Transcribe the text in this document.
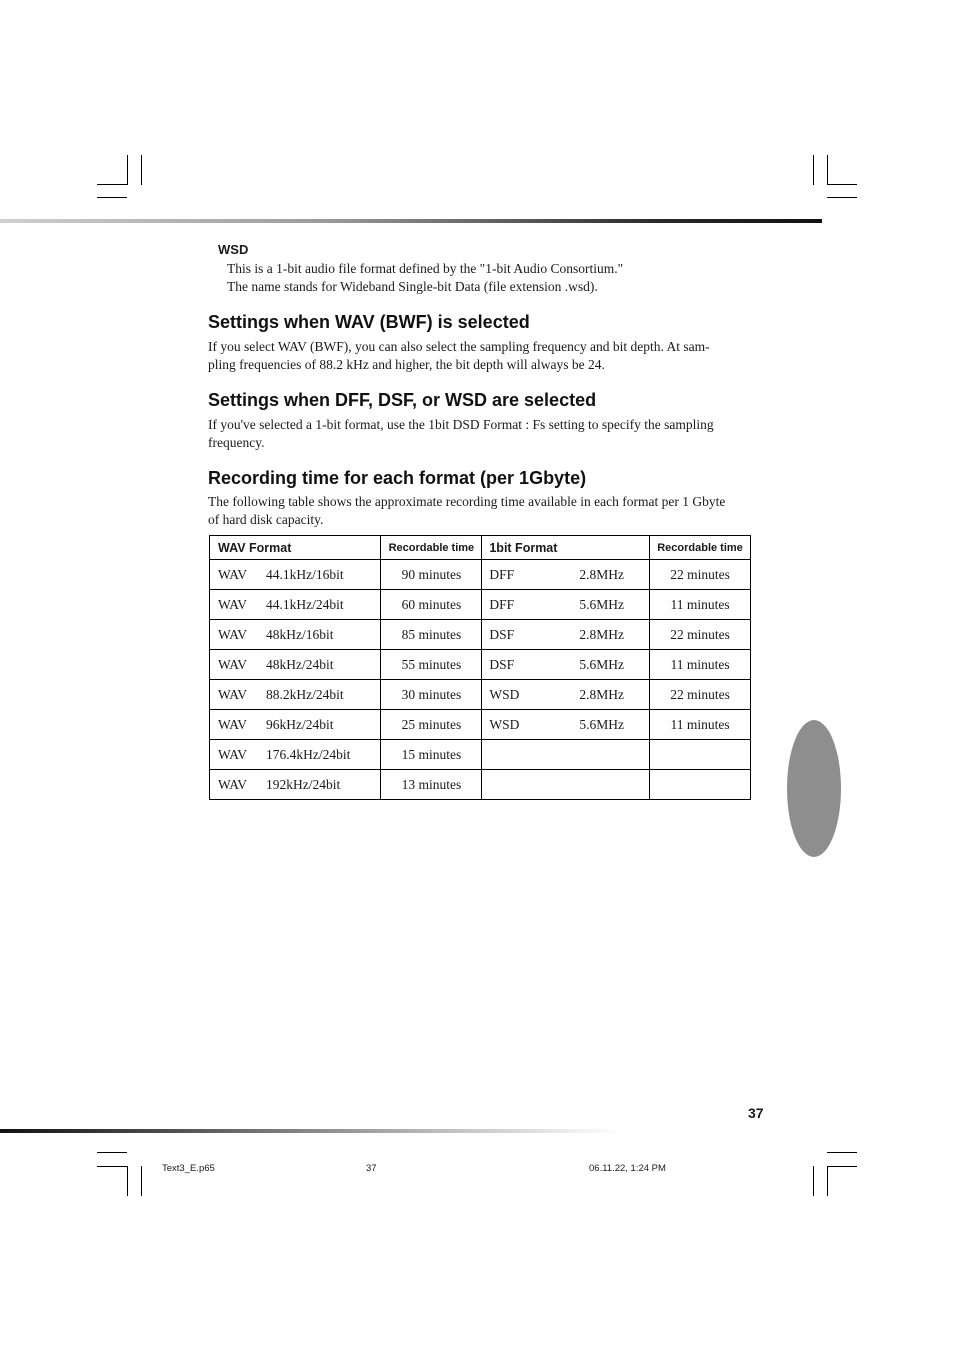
WSD
This is a 1-bit audio file format defined by the "1-bit Audio Consortium."
The name stands for Wideband Single-bit Data (file extension .wsd).
Settings when WAV (BWF) is selected
If you select WAV (BWF), you can also select the sampling frequency and bit depth. At sam-
pling frequencies of 88.2 kHz and higher, the bit depth will always be 24.
Settings when DFF, DSF, or WSD are selected
If you've selected a 1-bit format, use the 1bit DSD Format : Fs setting to specify the sampling
frequency.
Recording time for each format (per 1Gbyte)
The following table shows the approximate recording time available in each format per 1 Gbyte
of hard disk capacity.
WAV Format	Recordable time	1bit Format	Recordable time
WAV 44.1kHz/16bit	90 minutes	DFF 2.8MHz	22 minutes
WAV 44.1kHz/24bit	60 minutes	DFF 5.6MHz	11 minutes
WAV 48kHz/16bit	85 minutes	DSF 2.8MHz	22 minutes
WAV 48kHz/24bit	55 minutes	DSF 5.6MHz	11 minutes
WAV 88.2kHz/24bit	30 minutes	WSD 2.8MHz	22 minutes
WAV 96kHz/24bit	25 minutes	WSD 5.6MHz	11 minutes
WAV 176.4kHz/24bit	15 minutes		
WAV 192kHz/24bit	13 minutes		
37
Text3_E.p65	37	06.11.22, 1:24 PM
